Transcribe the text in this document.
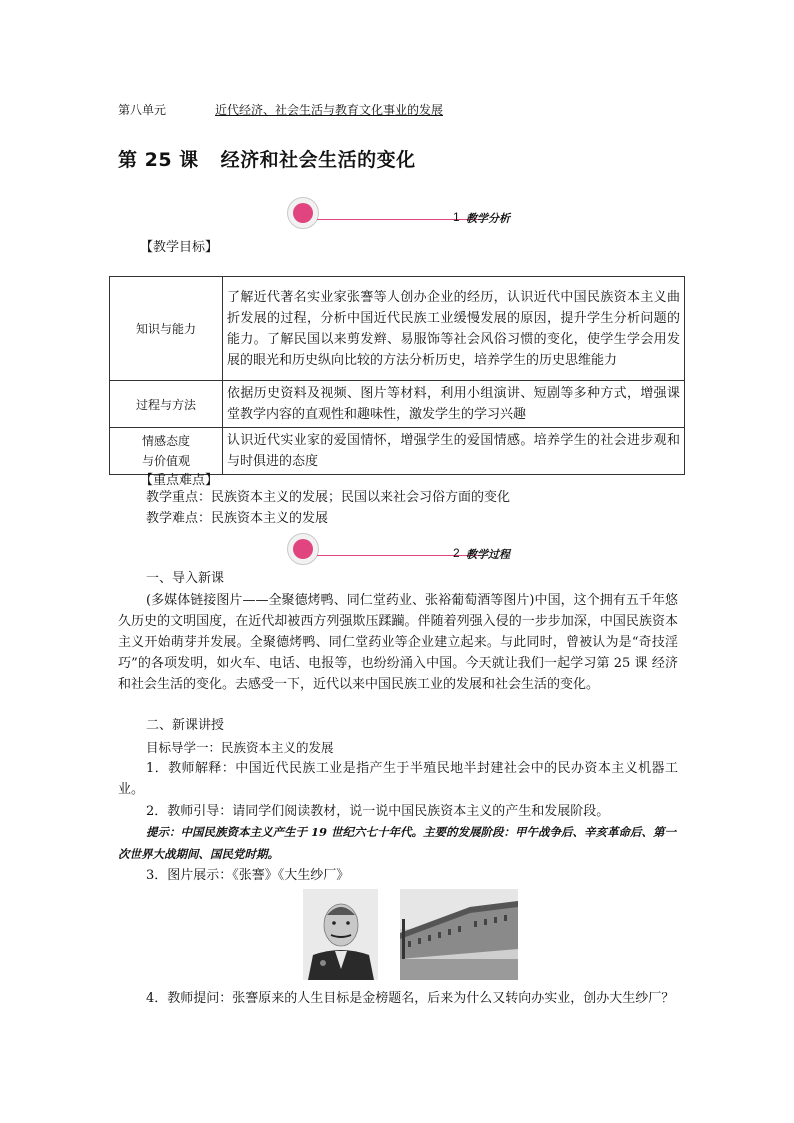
第八单元	近代经济、社会生活与教育文化事业的发展
第 25 课 经济和社会生活的变化
1 教学分析
【教学目标】
知识与能力	了解近代著名实业家张謇等人创办企业的经历，认识近代中国民族资本主义曲折发展的过程，分析中国近代民族工业缓慢发展的原因，提升学生分析问题的能力。了解民国以来剪发辫、易服饰等社会风俗习惯的变化，使学生学会用发展的眼光和历史纵向比较的方法分析历史，培养学生的历史思维能力
过程与方法	依据历史资料及视频、图片等材料，利用小组演讲、短剧等多种方式，增强课堂教学内容的直观性和趣味性，激发学生的学习兴趣
情感态度
与价值观	认识近代实业家的爱国情怀，增强学生的爱国情感。培养学生的社会进步观和与时俱进的态度
【重点难点】
教学重点：民族资本主义的发展；民国以来社会习俗方面的变化
教学难点：民族资本主义的发展
2 教学过程
一、导入新课
(多媒体链接图片——全聚德烤鸭、同仁堂药业、张裕葡萄酒等图片)中国，这个拥有五千年悠久历史的文明国度，在近代却被西方列强欺压蹂躏。伴随着列强入侵的一步步加深，中国民族资本主义开始萌芽并发展。全聚德烤鸭、同仁堂药业等企业建立起来。与此同时，曾被认为是“奇技淫巧”的各项发明，如火车、电话、电报等，也纷纷涌入中国。今天就让我们一起学习第 25 课 经济和社会生活的变化。去感受一下，近代以来中国民族工业的发展和社会生活的变化。
二、新课讲授
目标导学一：民族资本主义的发展
1．教师解释：中国近代民族工业是指产生于半殖民地半封建社会中的民办资本主义机器工业。
2．教师引导：请同学们阅读教材，说一说中国民族资本主义的产生和发展阶段。
提示：中国民族资本主义产生于 19 世纪六七十年代。主要的发展阶段：甲午战争后、辛亥革命后、第一次世界大战期间、国民党时期。
3．图片展示：《张謇》《大生纱厂》
4．教师提问：张謇原来的人生目标是金榜题名，后来为什么又转向办实业，创办大生纱厂？
